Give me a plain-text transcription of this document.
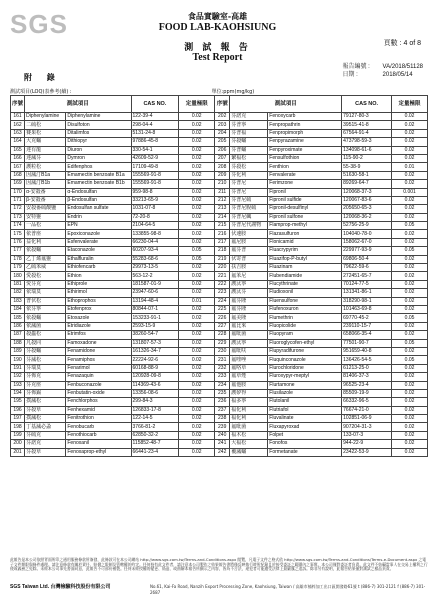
SGS	食品實驗室-高雄
FOOD LAB-KAOHSIUNG
測 試 報 告
Test Report
頁數 : 4 of 8
報告編號 : VA/2018/51128
日期 :	2018/05/14
附 錄
測試項目(LOQ)表參考(續) :	單位:ppm(mg/kg)
序號	測試項目		CAS NO.	定量極限	序號	測試項目		CAS NO.	定量極限
161	Diphenylamine	Diphenylamine	122-39-4	0.02	202	芬諾克	Fenoxycarb	79127-80-3	0.02
162	二硫松	Disulfoton	298-04-4	0.02	203	芬普寧	Fenpropathrin	39515-41-8	0.02
163	賽果松	Ditalimfos	5131-24-8	0.02	204	芬普福	Fenpropimorph	67564-91-4	0.02
164	大克蟎	Dithiopyr	97886-45-8	0.02	205	芬殺蟎	Fenpyrazamine	473798-59-3	0.02
165	達有龍	Diuron	330-54-1	0.02	206	芬普蟎	Fenpyroximate	134098-61-6	0.02
166	達滅芬	Dymron	42609-52-9	0.02	207	繁福松	Fensulfothion	115-90-2	0.02
167	護粒松	Edifenphos	17109-49-8	0.02	208	芬殺松	Fenthion	55-38-9	0.01
168	因滅汀B1a	Emamectin benzoate B1a	155569-91-8	0.02	209	芬化利	Fenvalerate	51630-58-1	0.02
169	因滅汀B1b	Emamectin benzoate B1b	155569-91-8	0.02	210	芬普尼	Ferimzone	89269-64-7	0.02
170	α-安殺番	α-Endosulfan	959-98-8	0.02	211	芬普尼	Fipronil	120068-37-3	0.001
171	β-安殺番	β-Endosulfan	33213-65-9	0.02	212	芬普尼硫	Fipronil sulfide	120067-83-6	0.02
172	安殺番硫酸鹽	Endosulfan sulfate	1031-07-8	0.02	213	芬普尼脫硫	Fipronil-desulfinyl	205650-65-3	0.02
173	安特靈	Endrin	72-20-8	0.02	214	芬普尼碸	Fipronil sulfone	120068-36-2	0.02
174	一品松	EPN	2104-64-5	0.02	215	芬普尼代謝物	Flamprop-methyl	52756-25-9	0.05
175	依普座	Epoxiconazole	133855-98-8	0.02	216	伏速胺	Flazasulfuron	104040-78-0	0.02
176	益化利	Esfenvalerate	66230-04-4	0.02	217	氟尼胺	Flonicamid	158062-67-0	0.02
177	依殺蟎	Etaconazole	60207-93-4	0.05	218	氟芬普	Fluacrypyrim	229977-93-9	0.05
178	乙丁烯氟靈	Ethalfluralin	55283-68-6	0.05	219	伏寄普	Fluazifop-P-butyl	69806-50-4	0.02
179	乙硫苯威	Ethiofencarb	29973-13-5	0.02	220	扶吉胺	Fluazinam	79622-59-6	0.02
180	愛殺松	Ethion	563-12-2	0.02	221	氟苯尼	Flubendiamide	272451-65-7	0.02
181	愛芬克	Ethiprole	181587-01-9	0.02	222	護汰寧	Flucythrinate	70124-77-5	0.02
182	依瑞莫	Ethirimol	23947-60-6	0.02	223	護汰芬	Fludioxonil	131341-86-1	0.02
183	普伏松	Ethoprophos	13194-48-4	0.01	224	氟芬隆	Fluensulfone	318290-98-1	0.02
184	依芬寧	Etofenprox	80844-07-1	0.02	225	氟芬隆	Flufenoxuron	101463-69-8	0.02
185	依殺蟎	Etoxazole	153233-91-1	0.02	226	氟美隆	Flumethrin	69770-45-2	0.05
186	依滅菌	Etridiazole	2593-15-9	0.02	227	氟比來	Fluopicolide	239110-15-7	0.02
187	殺蟲松	Etrimfos	38260-54-7	0.02	228	氟吡菌	Fluopyram	658066-35-4	0.02
188	凡殺同	Famoxadone	131807-57-3	0.02	229	護汰寧	Fluoroglycofen-ethyl	77501-90-7	0.05
189	芬殺蟎	Fenamidone	161326-34-7	0.02	230	氟吡呋	Flupyradifurone	951659-40-8	0.02
190	芬滅松	Fenamiphos	22224-92-6	0.02	231	氟喹唑	Fluquinconazole	136426-54-5	0.05
191	芬瑞莫	Fenarimol	60168-88-9	0.02	232	氟咯草	Flurochloridone	61213-25-0	0.02
192	芬佈克	Fenazaquin	120928-09-8	0.02	233	氟草煙	Fluroxypyr-meptyl	81406-37-3	0.02
193	芬克座	Fenbuconazole	114369-43-6	0.02	234	氟他胺	Flurtamone	96525-23-4	0.02
194	芬佈錫	Fenbutatin-oxide	13356-08-6	0.02	235	護矽得	Flusilazole	85509-19-9	0.02
195	撲滅松	Fenchlorphos	299-84-3	0.02	236	福多寧	Flutolanil	66332-96-5	0.02
196	芬殺草	Fenhexamid	126833-17-8	0.02	237	福化利	Flutriafol	76674-21-0	0.02
197	撲滅松	Fenitrothion	122-14-5	0.02	238	福化利	Fluvalinate	102851-06-9	0.02
198	丁基滅必蝨	Fenobucarb	3766-81-2	0.02	239	氟吡菌	Fluxapyroxad	907204-31-3	0.02
199	芬硫克	Fenothiocarb	62850-32-2	0.02	240	福木松	Folpet	133-07-3	0.02
200	芬諾克	Fenoxanil	115852-48-7	0.02	241	大福松	Fonofos	944-22-9	0.02
201	芬殺草	Fenoxaprop-ethyl	66441-23-4	0.02	242	覆滅蟎	Formetanate	23422-53-9	0.02
此報告是本公司依照背面所印之通用服務條款所簽發，此條款可在本公司網站 http://www.sgs.com.tw/Terms-and-Conditions.aspx 閱覽，凡電子文件之格式依 http://www.sgs.com.tw/Terms-and-Conditions/Terms-e-Document.aspx 之電子文件期限與條件處理。請注意條款有關於責任、賠償之限制及管轄權的約定。任何持有此文件者，請注意本公司製作之結果報告書將僅反映執行時所紀錄且於接受委託之範圍內之事實。本公司僅對委託者負責。此文件不妨礙當事人在交易上權利之行使或義務之免除。未經本公司事先書面同意，此報告不可部份複製。任何未經授權的變更、偽造、或曲解本報告所顯示之內容，皆為不合法，違犯者可能遭受法律上最嚴厲之追訴。除非另有說明，此報告結果僅對測試之樣品負責。
SGS Taiwan Ltd. 台灣檢驗科技股份有限公司	No.61, Kai-Fa Road, Nanzih Export Processing Zone, Kaohsiung, Taiwan / 高雄市楠梓加工出口區開發路61號 t (886-7) 301-2121 f (886-7) 301-2687
